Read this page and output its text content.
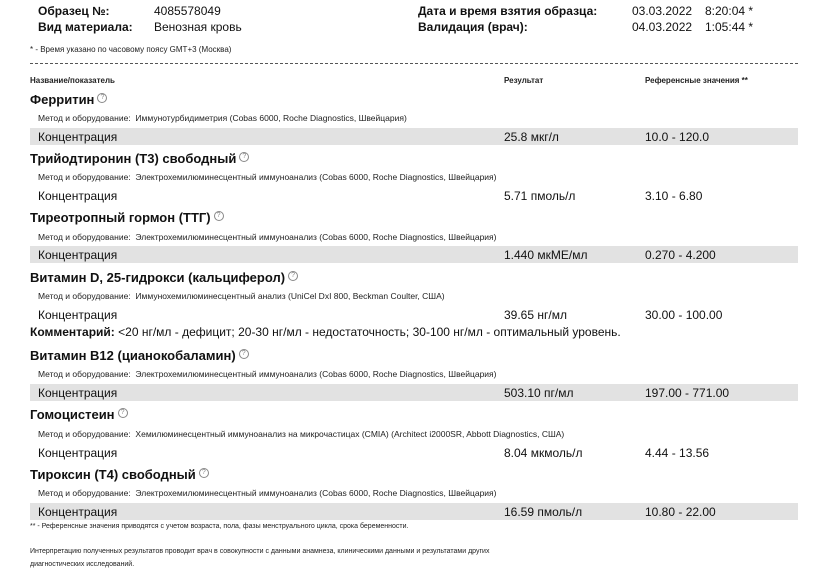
Образец №:	4085578049
Вид материала: Венозная кровь
Дата и время взятия образца:	03.03.2022 8:20:04 *
Валидация (врач):	04.03.2022 1:05:44 *
* - Время указано по часовому поясу GMT+3 (Москва)
Название/показатель	Результат	Референсные значения **
Ферритин ?
Метод и оборудование: Иммунотурбидиметрия (Cobas 6000, Roche Diagnostics, Швейцария)
Концентрация	25.8 мкг/л	10.0 - 120.0
Трийодтиронин (Т3) свободный ?
Метод и оборудование: Электрохемилюминесцентный иммуноанализ (Cobas 6000, Roche Diagnostics, Швейцария)
Концентрация	5.71 пмоль/л	3.10 - 6.80
Тиреотропный гормон (ТТГ) ?
Метод и оборудование: Электрохемилюминесцентный иммуноанализ (Cobas 6000, Roche Diagnostics, Швейцария)
Концентрация	1.440 мкМЕ/мл	0.270 - 4.200
Витамин D, 25-гидрокси (кальциферол) ?
Метод и оборудование: Иммунохемилюминесцентный анализ (UniCel DxI 800, Beckman Coulter, США)
Концентрация	39.65 нг/мл	30.00 - 100.00
Комментарий: <20 нг/мл - дефицит; 20-30 нг/мл - недостаточность; 30-100 нг/мл - оптимальный уровень.
Витамин В12 (цианокобаламин) ?
Метод и оборудование: Электрохемилюминесцентный иммуноанализ (Cobas 6000, Roche Diagnostics, Швейцария)
Концентрация	503.10 пг/мл	197.00 - 771.00
Гомоцистеин ?
Метод и оборудование: Хемилюминесцентный иммуноанализ на микрочастицах (CMIA) (Architect i2000SR, Abbott Diagnostics, США)
Концентрация	8.04 мкмоль/л	4.44 - 13.56
Тироксин (Т4) свободный ?
Метод и оборудование: Электрохемилюминесцентный иммуноанализ (Cobas 6000, Roche Diagnostics, Швейцария)
Концентрация	16.59 пмоль/л	10.80 - 22.00
** - Референсные значения приводятся с учетом возраста, пола, фазы менструального цикла, срока беременности.
Интерпретацию полученных результатов проводит врач в совокупности с данными анамнеза, клиническими данными и результатами других
диагностических исследований.
